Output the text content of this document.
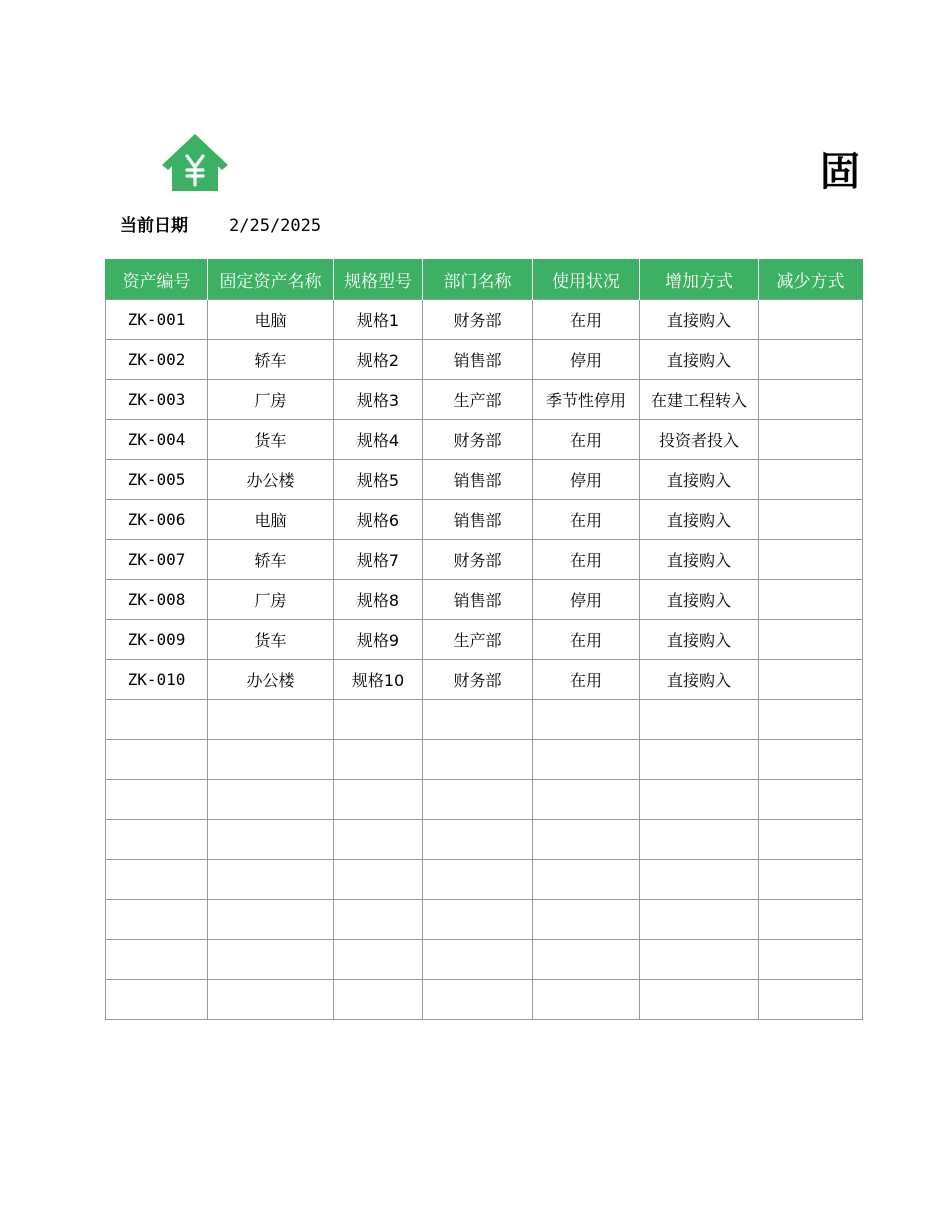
固
当前日期 2/25/2025
资产编号	固定资产名称	规格型号	部门名称	使用状况	增加方式	减少方式
ZK-001	电脑	规格1	财务部	在用	直接购入	
ZK-002	轿车	规格2	销售部	停用	直接购入	
ZK-003	厂房	规格3	生产部	季节性停用	在建工程转入	
ZK-004	货车	规格4	财务部	在用	投资者投入	
ZK-005	办公楼	规格5	销售部	停用	直接购入	
ZK-006	电脑	规格6	销售部	在用	直接购入	
ZK-007	轿车	规格7	财务部	在用	直接购入	
ZK-008	厂房	规格8	销售部	停用	直接购入	
ZK-009	货车	规格9	生产部	在用	直接购入	
ZK-010	办公楼	规格10	财务部	在用	直接购入	
